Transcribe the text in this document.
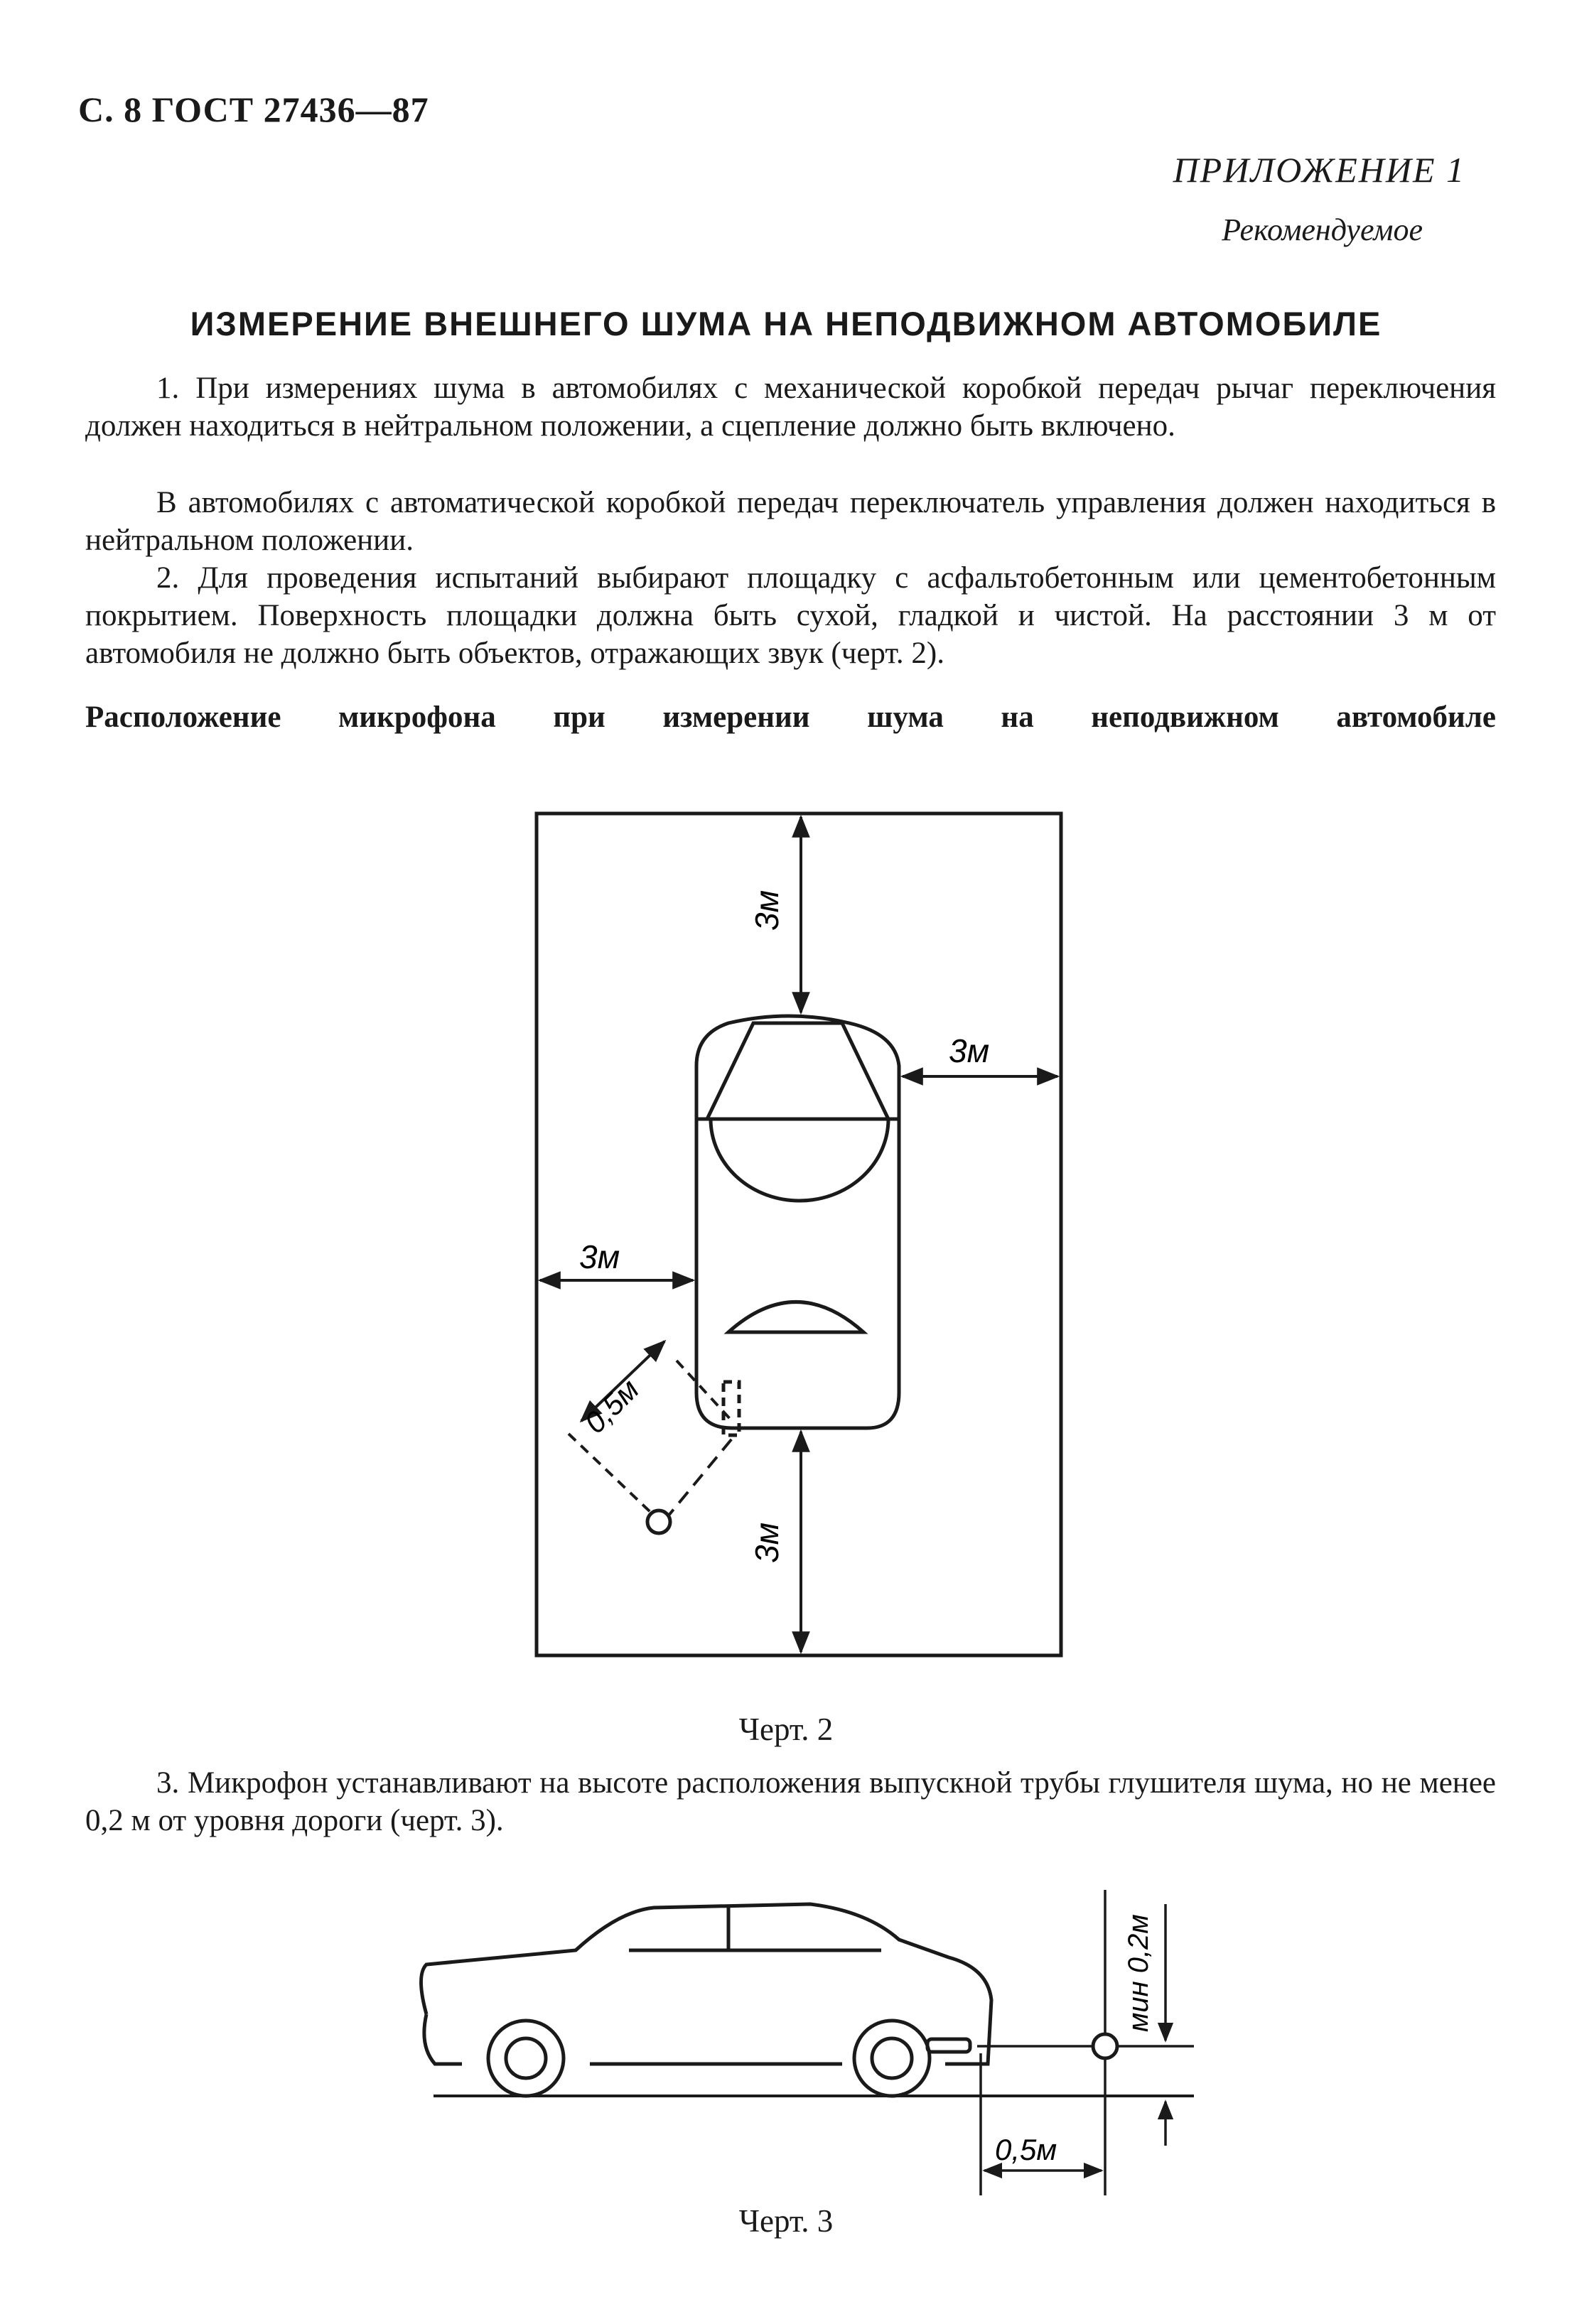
С. 8 ГОСТ 27436—87
ПРИЛОЖЕНИЕ 1
Рекомендуемое
ИЗМЕРЕНИЕ ВНЕШНЕГО ШУМА НА НЕПОДВИЖНОМ АВТОМОБИЛЕ
1. При измерениях шума в автомобилях с механической коробкой передач рычаг переключения должен находиться в нейтральном положении, а сцепление должно быть включено.
В автомобилях с автоматической коробкой передач переключатель управления должен находиться в нейтральном положении.
2. Для проведения испытаний выбирают площадку с асфальтобетонным или цементобетонным покрытием. Поверхность площадки должна быть сухой, гладкой и чистой. На расстоянии 3 м от автомобиля не должно быть объектов, отражающих звук (черт. 2).
Расположение микрофона при измерении шума на неподвижном автомобиле
3м
3м
3м
3м
0,5м
Черт. 2
3. Микрофон устанавливают на высоте расположения выпускной трубы глушителя шума, но не менее 0,2 м от уровня дороги (черт. 3).
мин 0,2м
0,5м
Черт. 3
